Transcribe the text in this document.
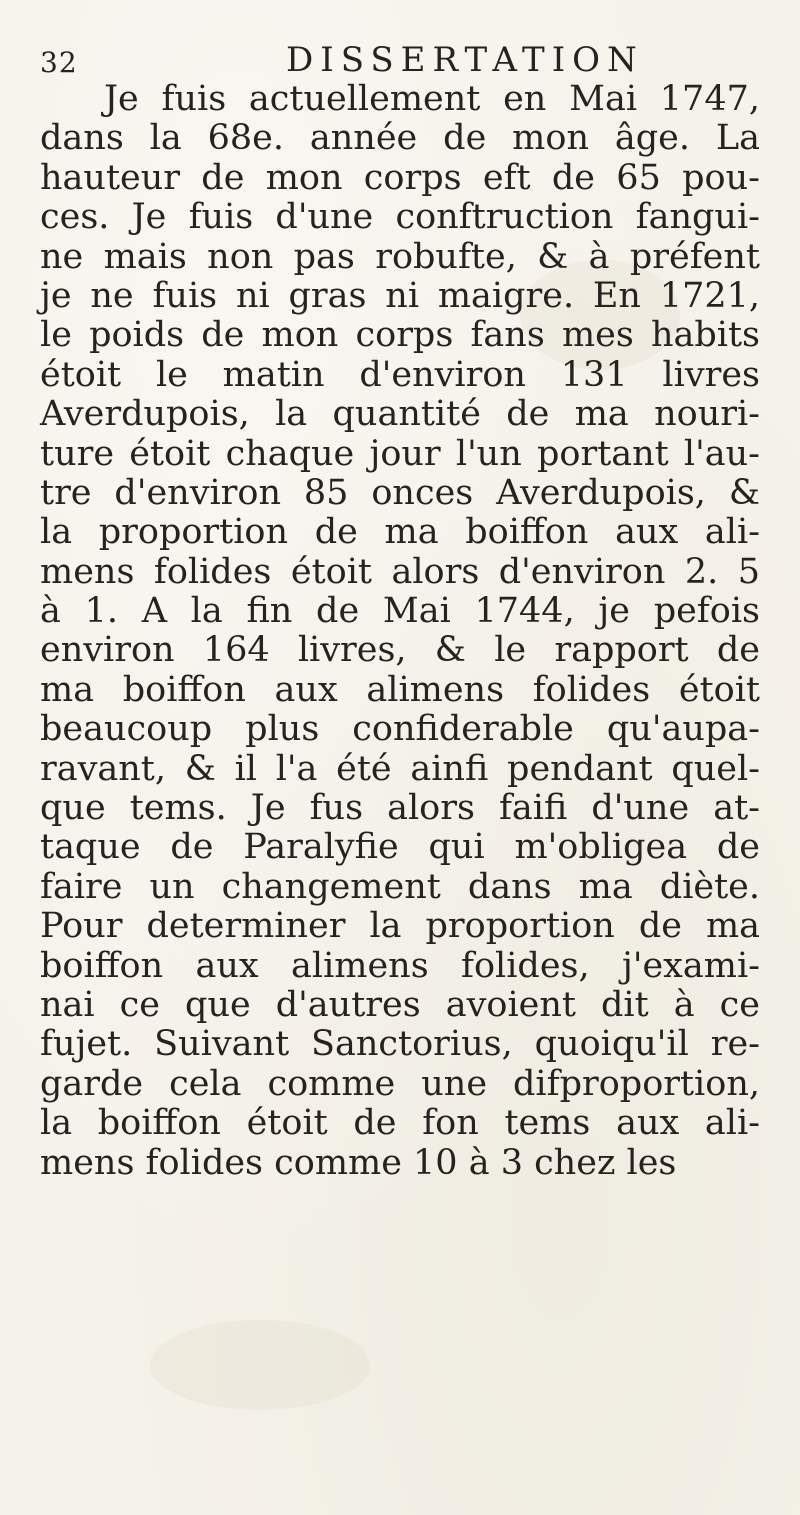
32	DISSERTATION
Je fuis actuellement en Mai 1747,
dans la 68e. année de mon âge. La
hauteur de mon corps eft de 65 pou-
ces. Je fuis d'une conftruction fangui-
ne mais non pas robufte, & à préfent
je ne fuis ni gras ni maigre. En 1721,
le poids de mon corps fans mes habits
étoit le matin d'environ 131 livres
Averdupois, la quantité de ma nouri-
ture étoit chaque jour l'un portant l'au-
tre d'environ 85 onces Averdupois, &
la proportion de ma boiffon aux ali-
mens folides étoit alors d'environ 2. 5
à 1. A la fin de Mai 1744, je pefois
environ 164 livres, & le rapport de
ma boiffon aux alimens folides étoit
beaucoup plus confiderable qu'aupa-
ravant, & il l'a été ainfi pendant quel-
que tems. Je fus alors faifi d'une at-
taque de Paralyfie qui m'obligea de
faire un changement dans ma diète.
Pour determiner la proportion de ma
boiffon aux alimens folides, j'exami-
nai ce que d'autres avoient dit à ce
fujet. Suivant Sanctorius, quoiqu'il re-
garde cela comme une difproportion,
la boiffon étoit de fon tems aux ali-
mens folides comme 10 à 3 chez les
